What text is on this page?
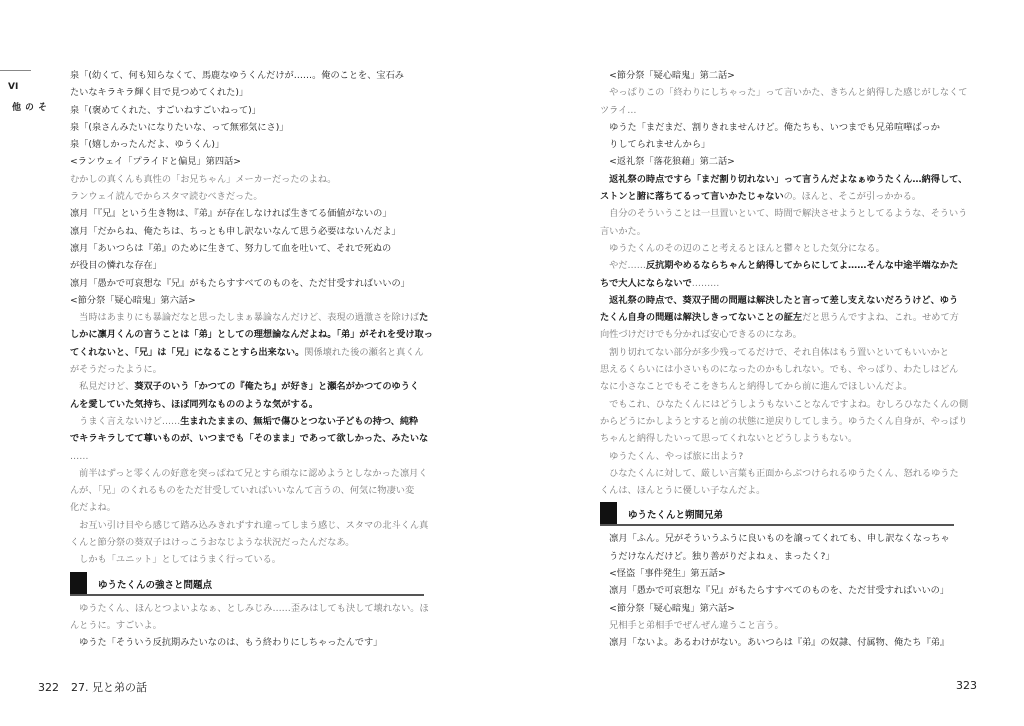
VI
その他
泉「(幼くて、何も知らなくて、馬鹿なゆうくんだけが……。俺のことを、宝石み
たいなキラキラ輝く目で見つめてくれた)」
泉「(褒めてくれた、すごいねすごいねって)」
泉「(泉さんみたいになりたいな、って無邪気にさ)」
泉「(嬉しかったんだよ、ゆうくん)」
<ランウェイ「プライドと偏見」第四話>
むかしの真くんも真性の「お兄ちゃん」メーカーだったのよね。
ランウェイ読んでからスタマ読むべきだった。
凛月「『兄』という生き物は、『弟』が存在しなければ生きてる価値がないの」
凛月「だからね、俺たちは、ちっとも申し訳ないなんて思う必要はないんだよ」
凛月「あいつらは『弟』のために生きて、努力して血を吐いて、それで死ぬの
が役目の憐れな存在」
凛月「愚かで可哀想な『兄』がもたらすすべてのものを、ただ甘受すればいいの」
<節分祭「疑心暗鬼」第六話>
　当時はあまりにも暴論だなと思ったしまぁ暴論なんだけど、表現の過激さを除けばた
しかに凛月くんの言うことは「弟」としての理想論なんだよね。「弟」がそれを受け取っ
てくれないと、「兄」は「兄」になることすら出来ない。関係壊れた後の瀬名と真くん
がそうだったように。
　私見だけど、葵双子のいう「かつての『俺たち』が好き」と瀬名がかつてのゆうく
んを愛していた気持ち、ほぼ同列なもののような気がする。
　うまく言えないけど……生まれたままの、無垢で傷ひとつない子どもの持つ、純粋
でキラキラしてて尊いものが、いつまでも「そのまま」であって欲しかった、みたいな
……
　前半はずっと零くんの好意を突っぱねて兄とすら頑なに認めようとしなかった凛月く
んが、「兄」のくれるものをただ甘受していればいいなんて言うの、何気に物凄い変
化だよね。
　お互い引け目やら感じて踏み込みきれずすれ違ってしまう感じ、スタマの北斗くん真
くんと節分祭の葵双子はけっこうおなじような状況だったんだなあ。
　しかも「ユニット」としてはうまく行っている。
ゆうたくんの強さと問題点
　ゆうたくん、ほんとつよいよなぁ、としみじみ……歪みはしても決して壊れない。ほ
んとうに。すごいよ。
　ゆうた「そういう反抗期みたいなのは、もう終わりにしちゃったんです」
322 27. 兄と弟の話
　<節分祭「疑心暗鬼」第二話>
　やっぱりこの「終わりにしちゃった」って言いかた、きちんと納得した感じがしなくて
ツライ…
　ゆうた「まだまだ、割りきれませんけど。俺たちも、いつまでも兄弟喧嘩ばっか
　りしてられませんから」
　<返礼祭「落花狼藉」第二話>
　返礼祭の時点ですら「まだ割り切れない」って言うんだよなぁゆうたくん…納得して、
ストンと腑に落ちてるって言いかたじゃないの。ほんと、そこが引っかかる。
　自分のそういうことは一旦置いといて、時間で解決させようとしてるような、そういう
言いかた。
　ゆうたくんのその辺のこと考えるとほんと鬱々とした気分になる。
　やだ……反抗期やめるならちゃんと納得してからにしてよ……そんな中途半端なかた
ちで大人にならないで………
　返礼祭の時点で、葵双子間の問題は解決したと言って差し支えないだろうけど、ゆう
たくん自身の問題は解決しきってないことの証左だと思うんですよね、これ。せめて方
向性づけだけでも分かれば安心できるのになあ。
　割り切れてない部分が多少残ってるだけで、それ自体はもう置いといてもいいかと
思えるくらいには小さいものになったのかもしれない。でも、やっぱり、わたしはどん
なに小さなことでもそこをきちんと納得してから前に進んでほしいんだよ。
　でもこれ、ひなたくんにはどうしようもないことなんですよね。むしろひなたくんの側
からどうにかしようとすると前の状態に逆戻りしてしまう。ゆうたくん自身が、やっぱり
ちゃんと納得したいって思ってくれないとどうしようもない。
　ゆうたくん、やっぱ旅に出よう?
　ひなたくんに対して、厳しい言葉も正面からぶつけられるゆうたくん、怒れるゆうた
くんは、ほんとうに優しい子なんだよ。
ゆうたくんと朔間兄弟
　凛月「ふん。兄がそういうふうに良いものを譲ってくれても、申し訳なくなっちゃ
　うだけなんだけど。独り善がりだよねぇ、まったく?」
　<怪盗「事件発生」第五話>
　凛月「愚かで可哀想な『兄』がもたらすすべてのものを、ただ甘受すればいいの」
　<節分祭「疑心暗鬼」第六話>
　兄相手と弟相手でぜんぜん違うこと言う。
　凛月「ないよ。あるわけがない。あいつらは『弟』の奴隷、付属物、俺たち『弟』
323
